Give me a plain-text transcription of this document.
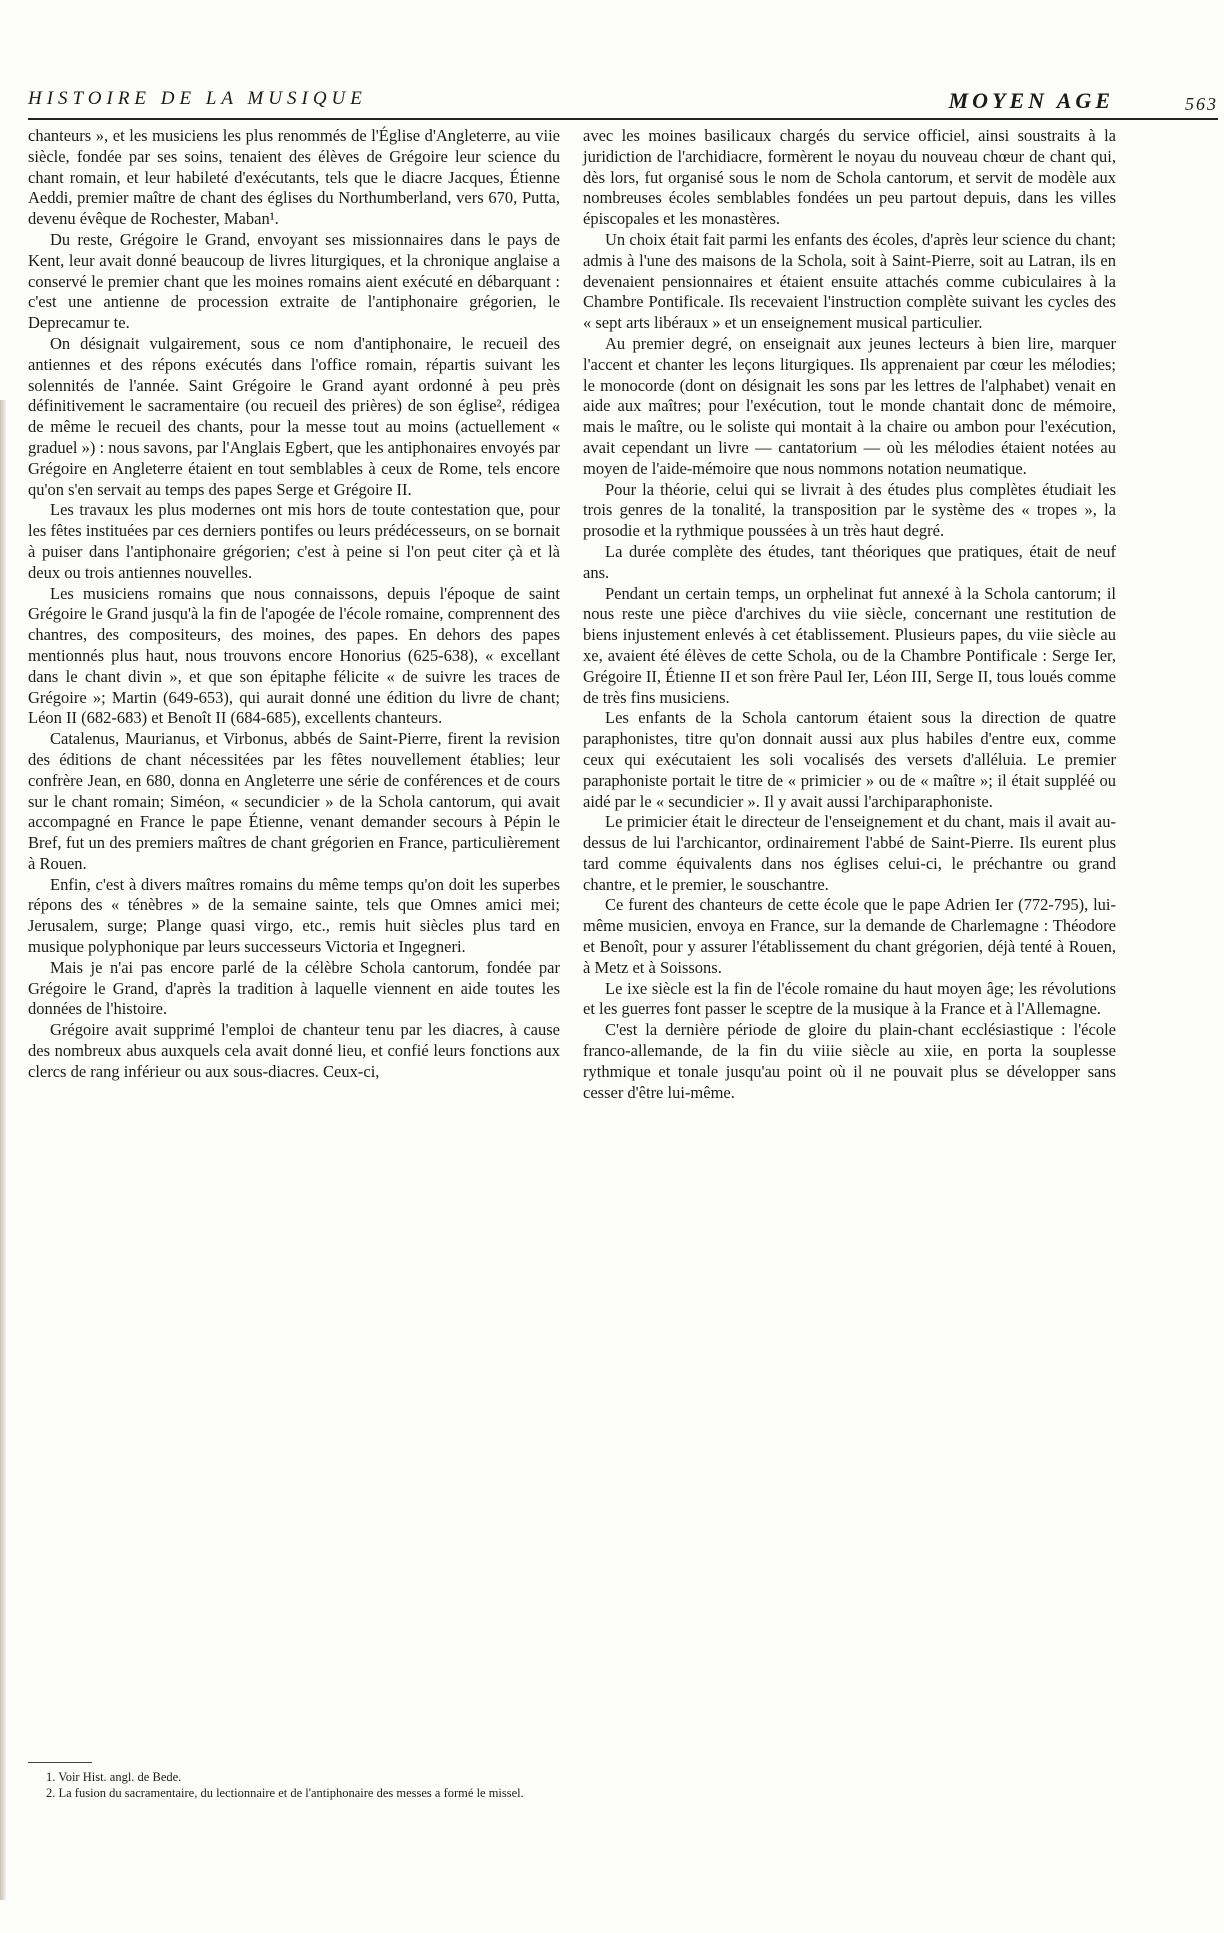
HISTOIRE DE LA MUSIQUE	MOYEN AGE	563

chanteurs », et les musiciens les plus renommés de l'Église d'Angleterre, au viie siècle, fondée par ses soins, tenaient des élèves de Grégoire leur science du chant romain, et leur habileté d'exécutants, tels que le diacre Jacques, Étienne Aeddi, premier maître de chant des églises du Northumberland, vers 670, Putta, devenu évêque de Rochester, Maban¹.

Du reste, Grégoire le Grand, envoyant ses missionnaires dans le pays de Kent, leur avait donné beaucoup de livres liturgiques, et la chronique anglaise a conservé le premier chant que les moines romains aient exécuté en débarquant : c'est une antienne de procession extraite de l'antiphonaire grégorien, le Deprecamur te.

On désignait vulgairement, sous ce nom d'antiphonaire, le recueil des antiennes et des répons exécutés dans l'office romain, répartis suivant les solennités de l'année. Saint Grégoire le Grand ayant ordonné à peu près définitivement le sacramentaire (ou recueil des prières) de son église², rédigea de même le recueil des chants, pour la messe tout au moins (actuellement « graduel ») : nous savons, par l'Anglais Egbert, que les antiphonaires envoyés par Grégoire en Angleterre étaient en tout semblables à ceux de Rome, tels encore qu'on s'en servait au temps des papes Serge et Grégoire II.

Les travaux les plus modernes ont mis hors de toute contestation que, pour les fêtes instituées par ces derniers pontifes ou leurs prédécesseurs, on se bornait à puiser dans l'antiphonaire grégorien; c'est à peine si l'on peut citer çà et là deux ou trois antiennes nouvelles.

Les musiciens romains que nous connaissons, depuis l'époque de saint Grégoire le Grand jusqu'à la fin de l'apogée de l'école romaine, comprennent des chantres, des compositeurs, des moines, des papes. En dehors des papes mentionnés plus haut, nous trouvons encore Honorius (625-638), « excellant dans le chant divin », et que son épitaphe félicite « de suivre les traces de Grégoire »; Martin (649-653), qui aurait donné une édition du livre de chant; Léon II (682-683) et Benoît II (684-685), excellents chanteurs.

Catalenus, Maurianus, et Virbonus, abbés de Saint-Pierre, firent la revision des éditions de chant nécessitées par les fêtes nouvellement établies; leur confrère Jean, en 680, donna en Angleterre une série de conférences et de cours sur le chant romain; Siméon, « secundicier » de la Schola cantorum, qui avait accompagné en France le pape Étienne, venant demander secours à Pépin le Bref, fut un des premiers maîtres de chant grégorien en France, particulièrement à Rouen.

Enfin, c'est à divers maîtres romains du même temps qu'on doit les superbes répons des « ténèbres » de la semaine sainte, tels que Omnes amici mei; Jerusalem, surge; Plange quasi virgo, etc., remis huit siècles plus tard en musique polyphonique par leurs successeurs Victoria et Ingegneri.

Mais je n'ai pas encore parlé de la célèbre Schola cantorum, fondée par Grégoire le Grand, d'après la tradition à laquelle viennent en aide toutes les données de l'histoire.

Grégoire avait supprimé l'emploi de chanteur tenu par les diacres, à cause des nombreux abus auxquels cela avait donné lieu, et confié leurs fonctions aux clercs de rang inférieur ou aux sous-diacres. Ceux-ci,

avec les moines basilicaux chargés du service officiel, ainsi soustraits à la juridiction de l'archidiacre, formèrent le noyau du nouveau chœur de chant qui, dès lors, fut organisé sous le nom de Schola cantorum, et servit de modèle aux nombreuses écoles semblables fondées un peu partout depuis, dans les villes épiscopales et les monastères.

Un choix était fait parmi les enfants des écoles, d'après leur science du chant; admis à l'une des maisons de la Schola, soit à Saint-Pierre, soit au Latran, ils en devenaient pensionnaires et étaient ensuite attachés comme cubiculaires à la Chambre Pontificale. Ils recevaient l'instruction complète suivant les cycles des « sept arts libéraux » et un enseignement musical particulier.

Au premier degré, on enseignait aux jeunes lecteurs à bien lire, marquer l'accent et chanter les leçons liturgiques. Ils apprenaient par cœur les mélodies; le monocorde (dont on désignait les sons par les lettres de l'alphabet) venait en aide aux maîtres; pour l'exécution, tout le monde chantait donc de mémoire, mais le maître, ou le soliste qui montait à la chaire ou ambon pour l'exécution, avait cependant un livre — cantatorium — où les mélodies étaient notées au moyen de l'aide-mémoire que nous nommons notation neumatique.

Pour la théorie, celui qui se livrait à des études plus complètes étudiait les trois genres de la tonalité, la transposition par le système des « tropes », la prosodie et la rythmique poussées à un très haut degré.

La durée complète des études, tant théoriques que pratiques, était de neuf ans.

Pendant un certain temps, un orphelinat fut annexé à la Schola cantorum; il nous reste une pièce d'archives du viie siècle, concernant une restitution de biens injustement enlevés à cet établissement. Plusieurs papes, du viie siècle au xe, avaient été élèves de cette Schola, ou de la Chambre Pontificale : Serge Ier, Grégoire II, Étienne II et son frère Paul Ier, Léon III, Serge II, tous loués comme de très fins musiciens.

Les enfants de la Schola cantorum étaient sous la direction de quatre paraphonistes, titre qu'on donnait aussi aux plus habiles d'entre eux, comme ceux qui exécutaient les soli vocalisés des versets d'alléluia. Le premier paraphoniste portait le titre de « primicier » ou de « maître »; il était suppléé ou aidé par le « secundicier ». Il y avait aussi l'archiparaphoniste.

Le primicier était le directeur de l'enseignement et du chant, mais il avait au-dessus de lui l'archicantor, ordinairement l'abbé de Saint-Pierre. Ils eurent plus tard comme équivalents dans nos églises celui-ci, le préchantre ou grand chantre, et le premier, le souschantre.

Ce furent des chanteurs de cette école que le pape Adrien Ier (772-795), lui-même musicien, envoya en France, sur la demande de Charlemagne : Théodore et Benoît, pour y assurer l'établissement du chant grégorien, déjà tenté à Rouen, à Metz et à Soissons.

Le ixe siècle est la fin de l'école romaine du haut moyen âge; les révolutions et les guerres font passer le sceptre de la musique à la France et à l'Allemagne.

C'est la dernière période de gloire du plain-chant ecclésiastique : l'école franco-allemande, de la fin du viiie siècle au xiie, en porta la souplesse rythmique et tonale jusqu'au point où il ne pouvait plus se développer sans cesser d'être lui-même.

1. Voir Hist. angl. de Bede.

2. La fusion du sacramentaire, du lectionnaire et de l'antiphonaire des messes a formé le missel.
